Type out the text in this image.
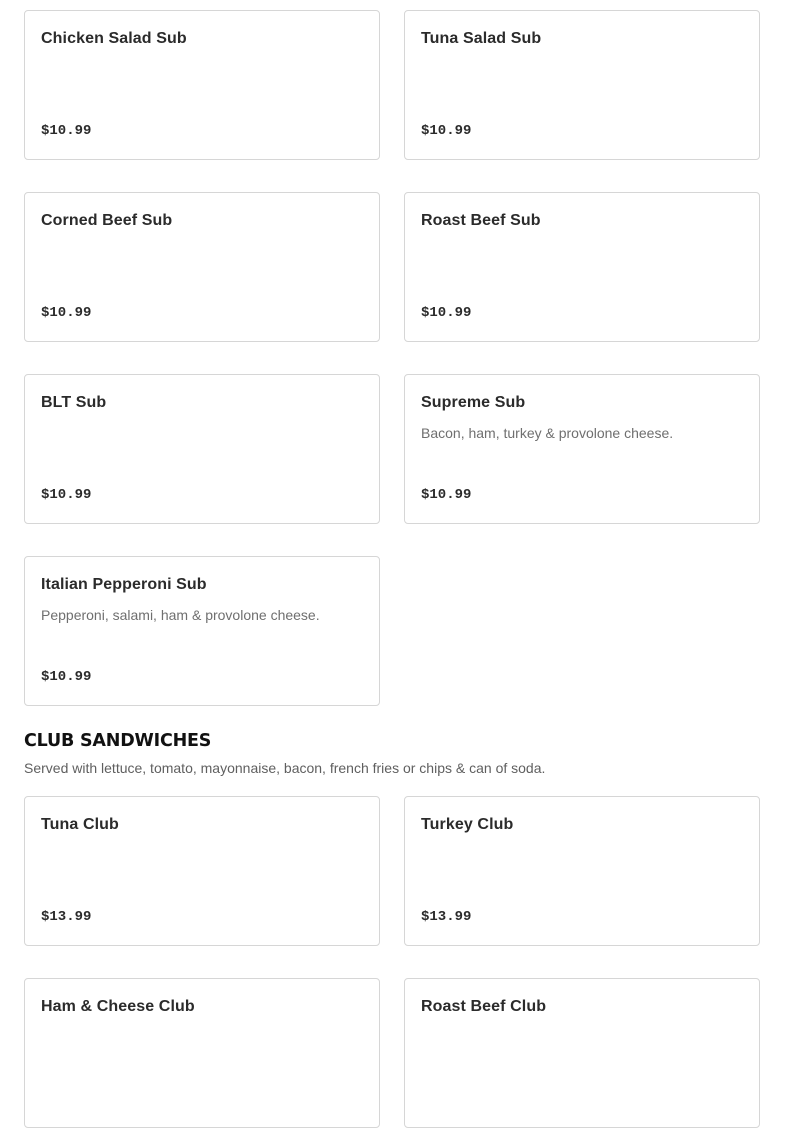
Chicken Salad Sub
$10.99
Tuna Salad Sub
$10.99
Corned Beef Sub
$10.99
Roast Beef Sub
$10.99
BLT Sub
$10.99
Supreme Sub
Bacon, ham, turkey & provolone cheese.
$10.99
Italian Pepperoni Sub
Pepperoni, salami, ham & provolone cheese.
$10.99
CLUB SANDWICHES

Served with lettuce, tomato, mayonnaise, bacon, french fries or chips & can of soda.

Tuna Club
$13.99
Turkey Club
$13.99
Ham & Cheese Club	Roast Beef Club
